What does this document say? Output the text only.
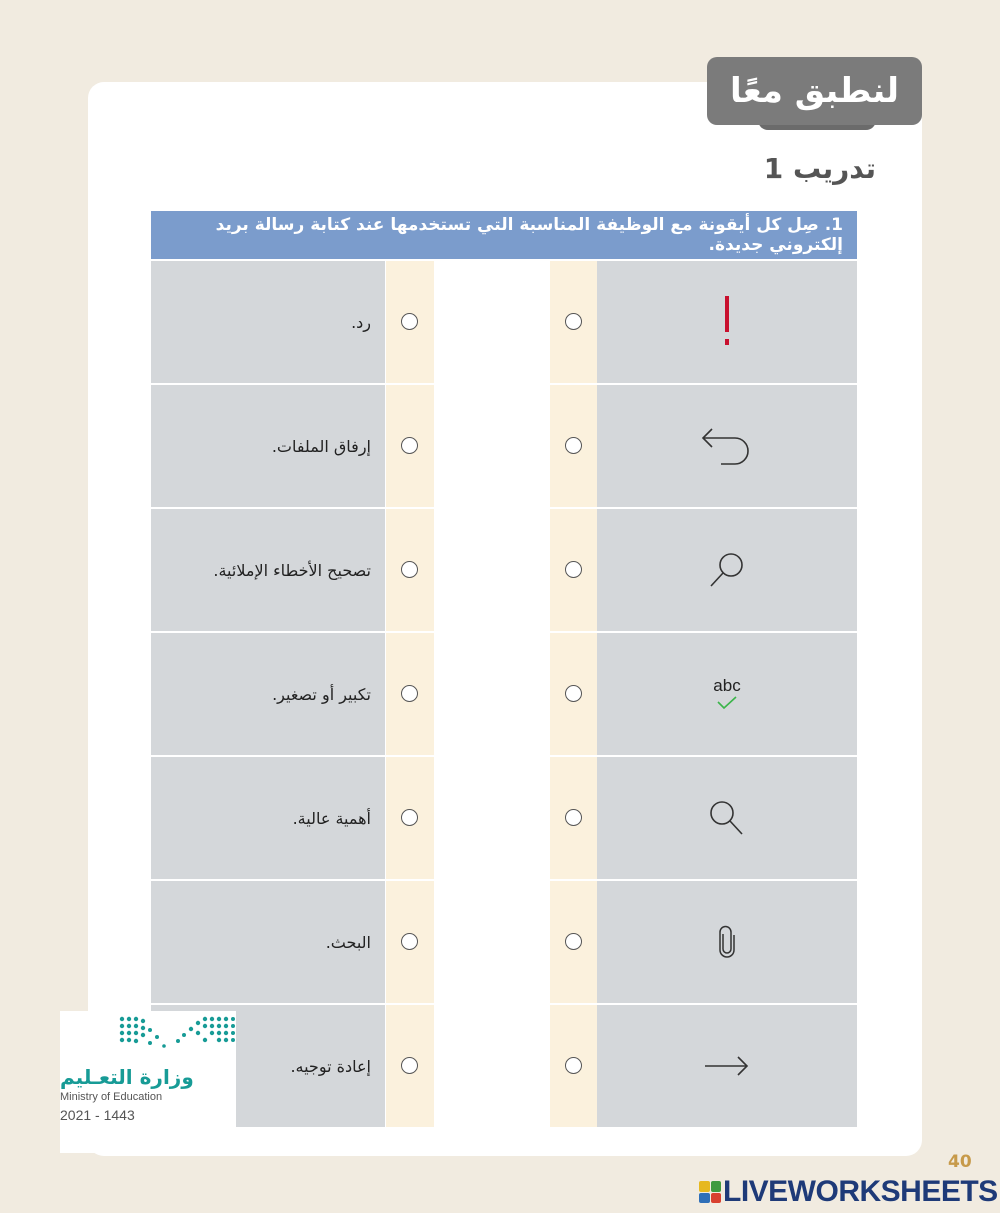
لنطبق معًا
تدريب 1
1. صِل كل أيقونة مع الوظيفة المناسبة التي تستخدمها عند كتابة رسالة بريد إلكتروني جديدة.
رد.
إرفاق الملفات.
تصحيح الأخطاء الإملائية.
تكبير أو تصغير.	abc
أهمية عالية.
البحث.
إعادة توجيه.
وزارة التعـليم
Ministry of Education
2021 - 1443
40
LIVEWORKSHEETS
